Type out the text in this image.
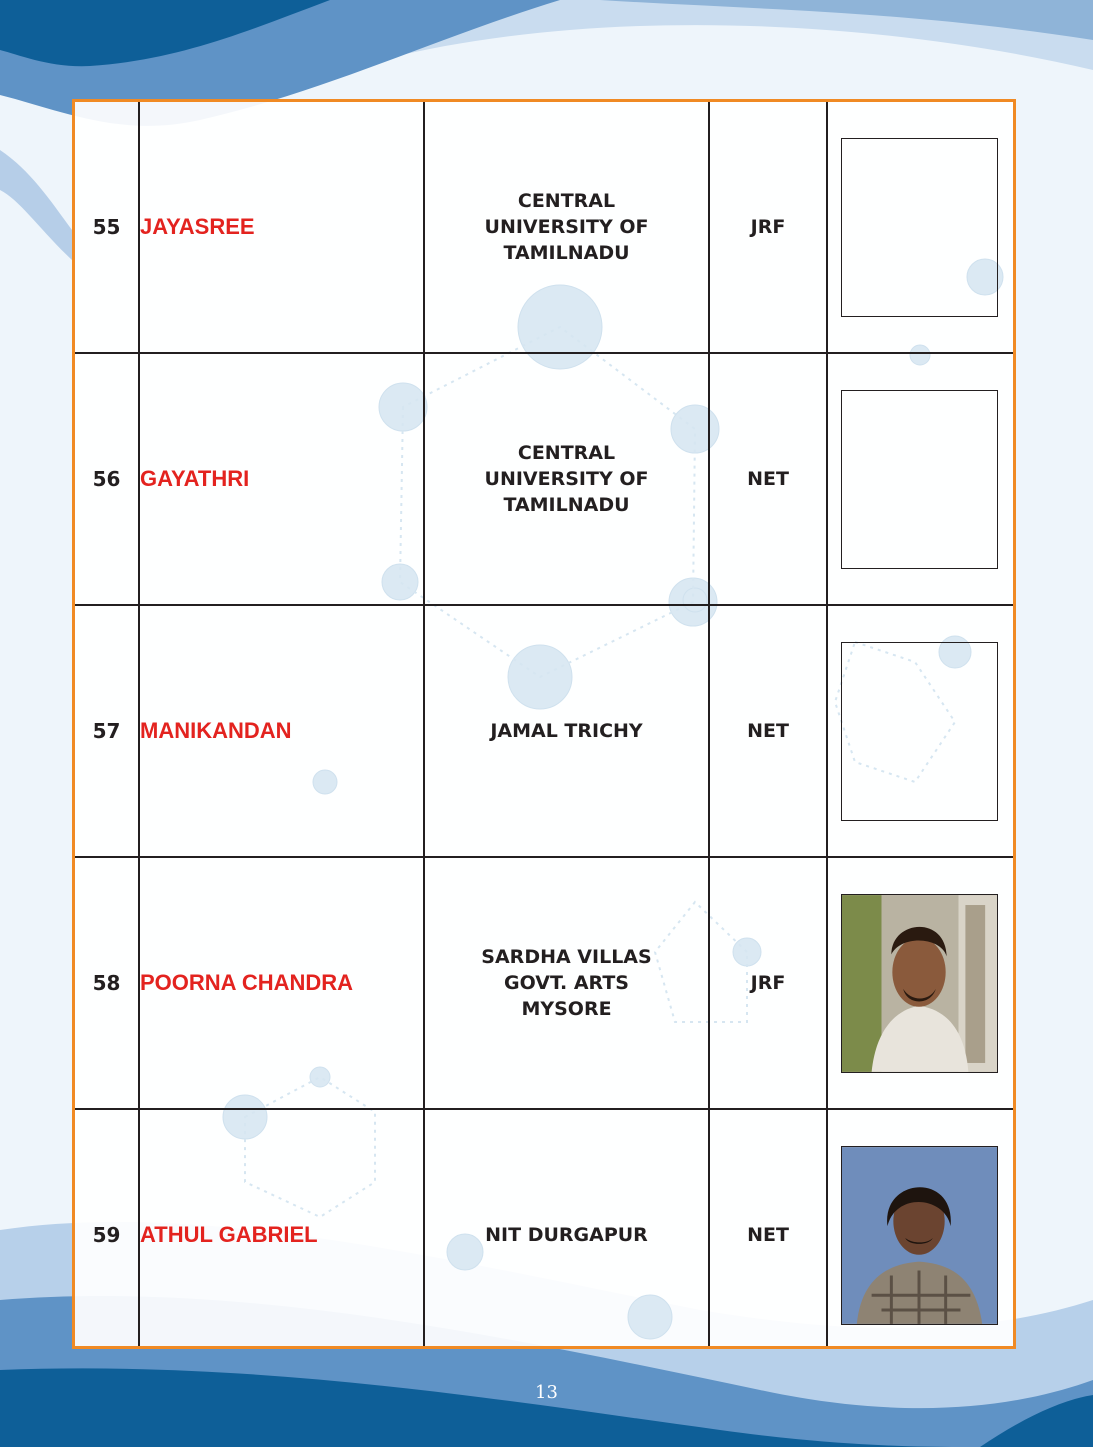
55	JAYASREE	CENTRAL
UNIVERSITY OF
TAMILNADU	JRF	

56	GAYATHRI	CENTRAL
UNIVERSITY OF
TAMILNADU	NET	

57	MANIKANDAN	JAMAL TRICHY	NET	

58	POORNA CHANDRA	SARDHA VILLAS
GOVT. ARTS
MYSORE	JRF	

59	ATHUL GABRIEL	NIT DURGAPUR	NET	
13
